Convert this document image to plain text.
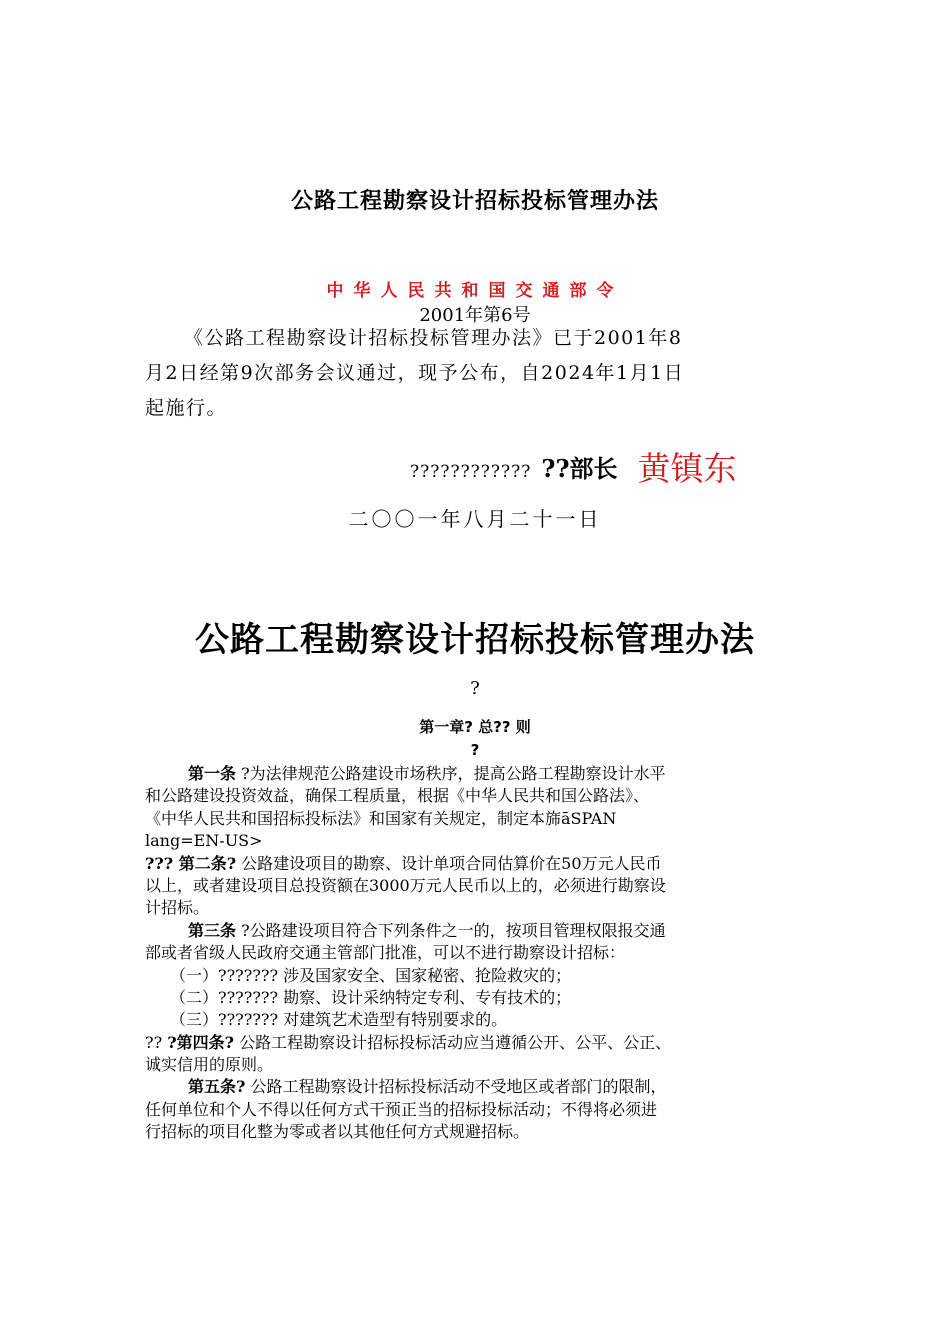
公路工程勘察设计招标投标管理办法
中华人民共和国交通部令
2001年第6号
《公路工程勘察设计招标投标管理办法》已于2001年8
月2日经第9次部务会议通过，现予公布，自2024年1月1日
起施行。
???????????? ??部长 黄镇东
二〇〇一年八月二十一日
公路工程勘察设计招标投标管理办法
?
第一章? 总?? 则
?
第一条 ?为法律规范公路建设市场秩序，提高公路工程勘察设计水平
和公路建设投资效益，确保工程质量，根据《中华人民共和国公路法》、
《中华人民共和国招标投标法》和国家有关规定，制定本旆āSPAN
lang=EN-US>
??? 第二条? 公路建设项目的勘察、设计单项合同估算价在50万元人民币
以上，或者建设项目总投资额在3000万元人民币以上的，必须进行勘察设
计招标。
第三条 ?公路建设项目符合下列条件之一的，按项目管理权限报交通
部或者省级人民政府交通主管部门批准，可以不进行勘察设计招标：
（一）??????? 涉及国家安全、国家秘密、抢险救灾的；
（二）??????? 勘察、设计采纳特定专利、专有技术的；
（三）??????? 对建筑艺术造型有特别要求的。
?? ?第四条? 公路工程勘察设计招标投标活动应当遵循公开、公平、公正、
诚实信用的原则。
第五条? 公路工程勘察设计招标投标活动不受地区或者部门的限制，
任何单位和个人不得以任何方式干预正当的招标投标活动；不得将必须进
行招标的项目化整为零或者以其他任何方式规避招标。
